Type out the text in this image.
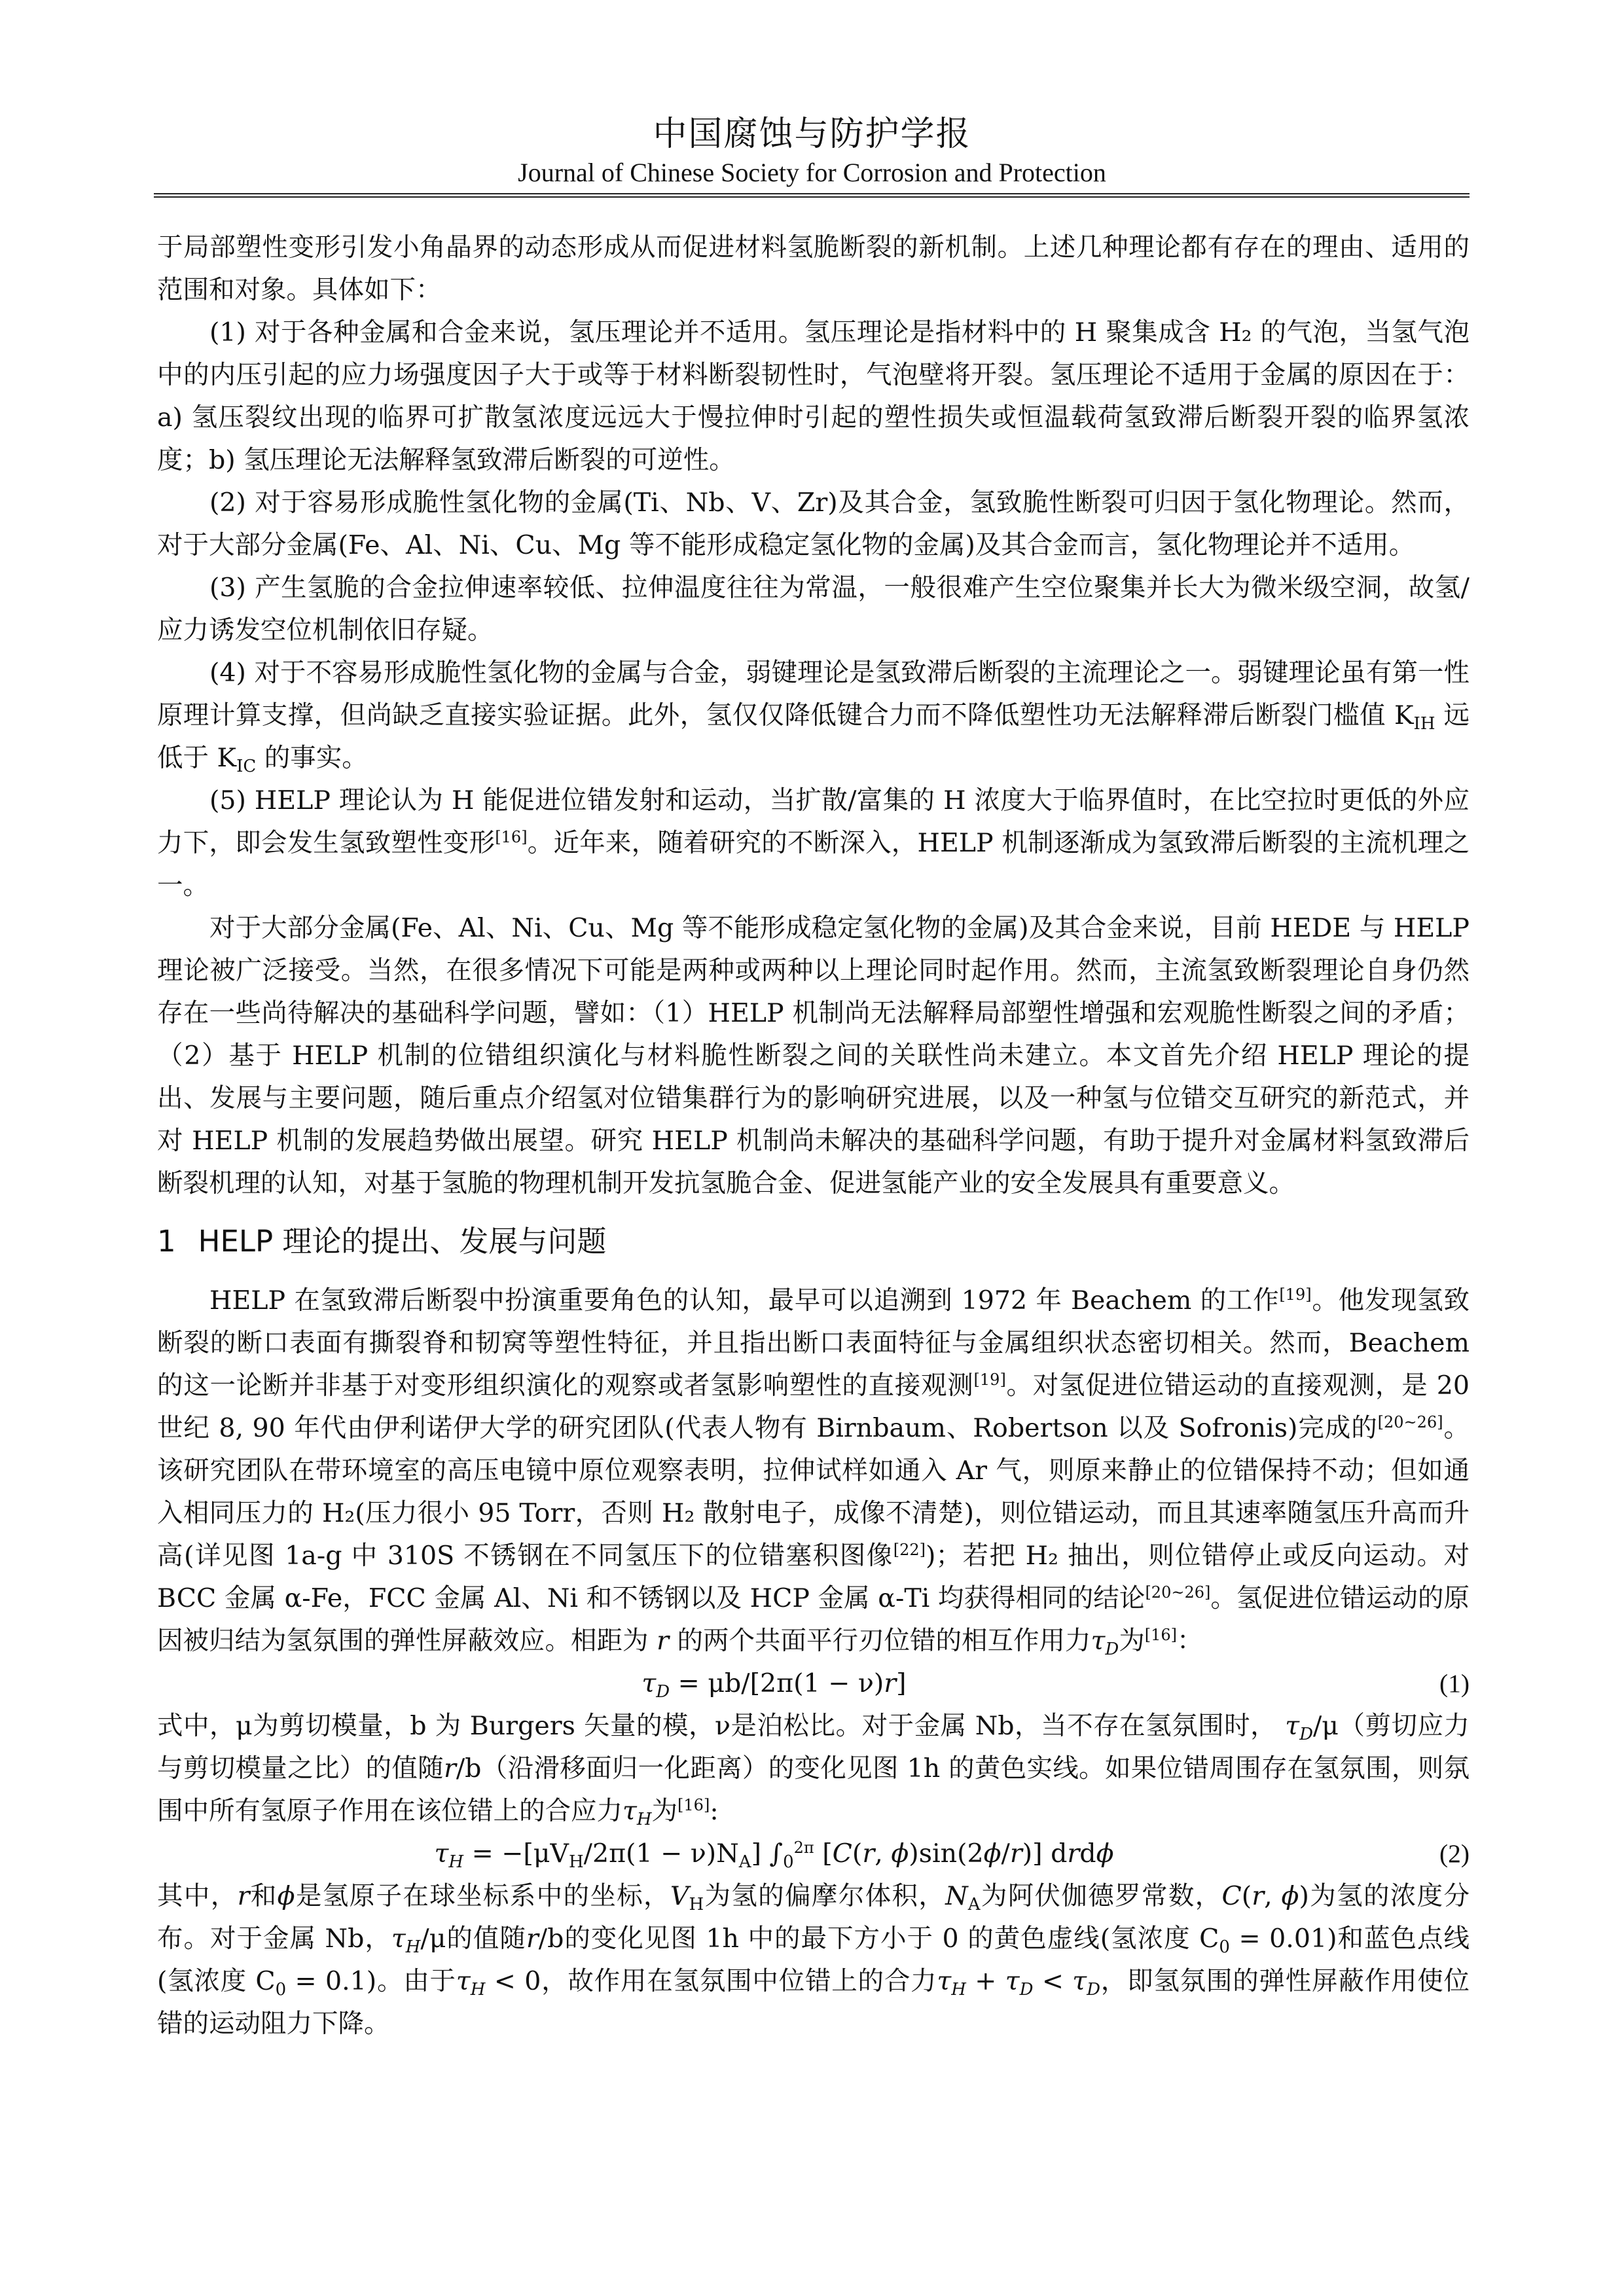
中国腐蚀与防护学报
Journal of Chinese Society for Corrosion and Protection

于局部塑性变形引发小角晶界的动态形成从而促进材料氢脆断裂的新机制。上述几种理论都有存在的理由、适用的范围和对象。具体如下：

(1) 对于各种金属和合金来说，氢压理论并不适用。氢压理论是指材料中的 H 聚集成含 H₂ 的气泡，当氢气泡中的内压引起的应力场强度因子大于或等于材料断裂韧性时，气泡壁将开裂。氢压理论不适用于金属的原因在于：a) 氢压裂纹出现的临界可扩散氢浓度远远大于慢拉伸时引起的塑性损失或恒温载荷氢致滞后断裂开裂的临界氢浓度；b) 氢压理论无法解释氢致滞后断裂的可逆性。

(2) 对于容易形成脆性氢化物的金属(Ti、Nb、V、Zr)及其合金，氢致脆性断裂可归因于氢化物理论。然而，对于大部分金属(Fe、Al、Ni、Cu、Mg 等不能形成稳定氢化物的金属)及其合金而言，氢化物理论并不适用。

(3) 产生氢脆的合金拉伸速率较低、拉伸温度往往为常温，一般很难产生空位聚集并长大为微米级空洞，故氢/应力诱发空位机制依旧存疑。

(4) 对于不容易形成脆性氢化物的金属与合金，弱键理论是氢致滞后断裂的主流理论之一。弱键理论虽有第一性原理计算支撑，但尚缺乏直接实验证据。此外，氢仅仅降低键合力而不降低塑性功无法解释滞后断裂门槛值 $K_{IH}$ 远低于 $K_{IC}$ 的事实。

(5) HELP 理论认为 H 能促进位错发射和运动，当扩散/富集的 H 浓度大于临界值时，在比空拉时更低的外应力下，即会发生氢致塑性变形[16]。近年来，随着研究的不断深入，HELP 机制逐渐成为氢致滞后断裂的主流机理之一。

对于大部分金属(Fe、Al、Ni、Cu、Mg 等不能形成稳定氢化物的金属)及其合金来说，目前 HEDE 与 HELP 理论被广泛接受。当然，在很多情况下可能是两种或两种以上理论同时起作用。然而，主流氢致断裂理论自身仍然存在一些尚待解决的基础科学问题，譬如：（1）HELP 机制尚无法解释局部塑性增强和宏观脆性断裂之间的矛盾；（2）基于 HELP 机制的位错组织演化与材料脆性断裂之间的关联性尚未建立。本文首先介绍 HELP 理论的提出、发展与主要问题，随后重点介绍氢对位错集群行为的影响研究进展，以及一种氢与位错交互研究的新范式，并对 HELP 机制的发展趋势做出展望。研究 HELP 机制尚未解决的基础科学问题，有助于提升对金属材料氢致滞后断裂机理的认知，对基于氢脆的物理机制开发抗氢脆合金、促进氢能产业的安全发展具有重要意义。

1 HELP 理论的提出、发展与问题

HELP 在氢致滞后断裂中扮演重要角色的认知，最早可以追溯到 1972 年 Beachem 的工作[19]。他发现氢致断裂的断口表面有撕裂脊和韧窝等塑性特征，并且指出断口表面特征与金属组织状态密切相关。然而，Beachem 的这一论断并非基于对变形组织演化的观察或者氢影响塑性的直接观测[19]。对氢促进位错运动的直接观测，是 20 世纪 8, 90 年代由伊利诺伊大学的研究团队(代表人物有 Birnbaum、Robertson 以及 Sofronis)完成的[20~26]。该研究团队在带环境室的高压电镜中原位观察表明，拉伸试样如通入 Ar 气，则原来静止的位错保持不动；但如通入相同压力的 H₂(压力很小 95 Torr，否则 H₂ 散射电子，成像不清楚)，则位错运动，而且其速率随氢压升高而升高(详见图 1a-g 中 310S 不锈钢在不同氢压下的位错塞积图像[22])；若把 H₂ 抽出，则位错停止或反向运动。对 BCC 金属 α-Fe，FCC 金属 Al、Ni 和不锈钢以及 HCP 金属 α-Ti 均获得相同的结论[20~26]。氢促进位错运动的原因被归结为氢氛围的弹性屏蔽效应。相距为 r 的两个共面平行刃位错的相互作用力$\tau_D$为[16]：

$\tau_D = \mu b/[2\pi(1 - \nu)r]$	(1)

式中，μ为剪切模量，b 为 Burgers 矢量的模，ν是泊松比。对于金属 Nb，当不存在氢氛围时， $\tau_D/\mu$（剪切应力与剪切模量之比）的值随r/b（沿滑移面归一化距离）的变化见图 1h 的黄色实线。如果位错周围存在氢氛围，则氛围中所有氢原子作用在该位错上的合应力$\tau_H$为[16]:

$\tau_H = -[\mu V_H/2\pi(1 - \nu)N_A]$ $\int_0^{2\pi}$ [C(r, ϕ)sin(2ϕ/r)] drdϕ	(2)

其中，r和ϕ是氢原子在球坐标系中的坐标，$V_H$为氢的偏摩尔体积，$N_A$为阿伏伽德罗常数，C(r, ϕ)为氢的浓度分布。对于金属 Nb，$\tau_H/\mu$的值随r/b的变化见图 1h 中的最下方小于 0 的黄色虚线(氢浓度 $C_0 = 0.01$)和蓝色点线(氢浓度 $C_0 = 0.1$)。由于$\tau_H < 0$，故作用在氢氛围中位错上的合力$\tau_H + \tau_D < \tau_D$，即氢氛围的弹性屏蔽作用使位错的运动阻力下降。
